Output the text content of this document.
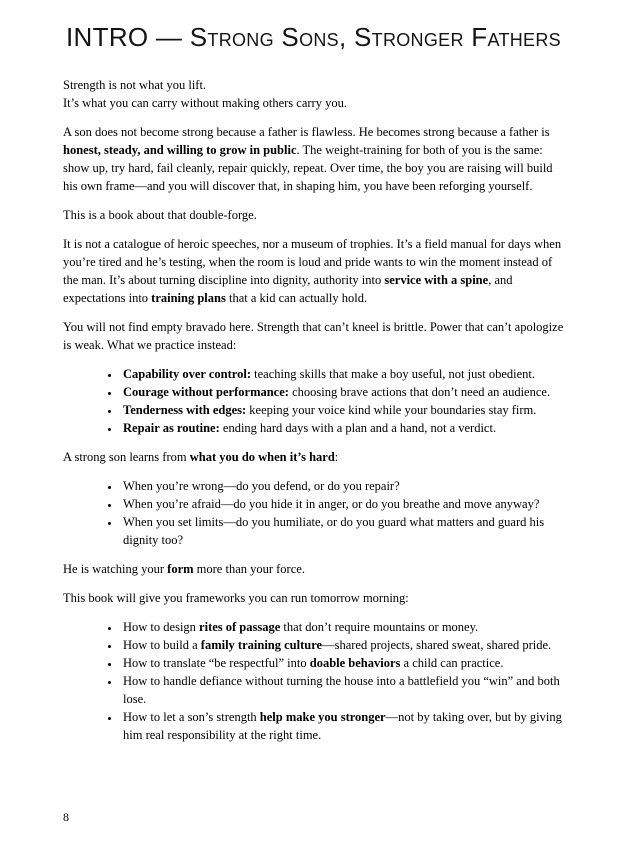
INTRO — Strong Sons, Stronger Fathers

Strength is not what you lift.
It’s what you can carry without making others carry you.

A son does not become strong because a father is flawless. He becomes strong because a father is honest, steady, and willing to grow in public. The weight-training for both of you is the same: show up, try hard, fail cleanly, repair quickly, repeat. Over time, the boy you are raising will build his own frame—and you will discover that, in shaping him, you have been reforging yourself.

This is a book about that double-forge.

It is not a catalogue of heroic speeches, nor a museum of trophies. It’s a field manual for days when you’re tired and he’s testing, when the room is loud and pride wants to win the moment instead of the man. It’s about turning discipline into dignity, authority into service with a spine, and expectations into training plans that a kid can actually hold.

You will not find empty bravado here. Strength that can’t kneel is brittle. Power that can’t apologize is weak. What we practice instead:

• Capability over control: teaching skills that make a boy useful, not just obedient.
• Courage without performance: choosing brave actions that don’t need an audience.
• Tenderness with edges: keeping your voice kind while your boundaries stay firm.
• Repair as routine: ending hard days with a plan and a hand, not a verdict.

A strong son learns from what you do when it’s hard:

• When you’re wrong—do you defend, or do you repair?
• When you’re afraid—do you hide it in anger, or do you breathe and move anyway?
• When you set limits—do you humiliate, or do you guard what matters and guard his dignity too?

He is watching your form more than your force.

This book will give you frameworks you can run tomorrow morning:

• How to design rites of passage that don’t require mountains or money.
• How to build a family training culture—shared projects, shared sweat, shared pride.
• How to translate “be respectful” into doable behaviors a child can practice.
• How to handle defiance without turning the house into a battlefield you “win” and both lose.
• How to let a son’s strength help make you stronger—not by taking over, but by giving him real responsibility at the right time.
8
